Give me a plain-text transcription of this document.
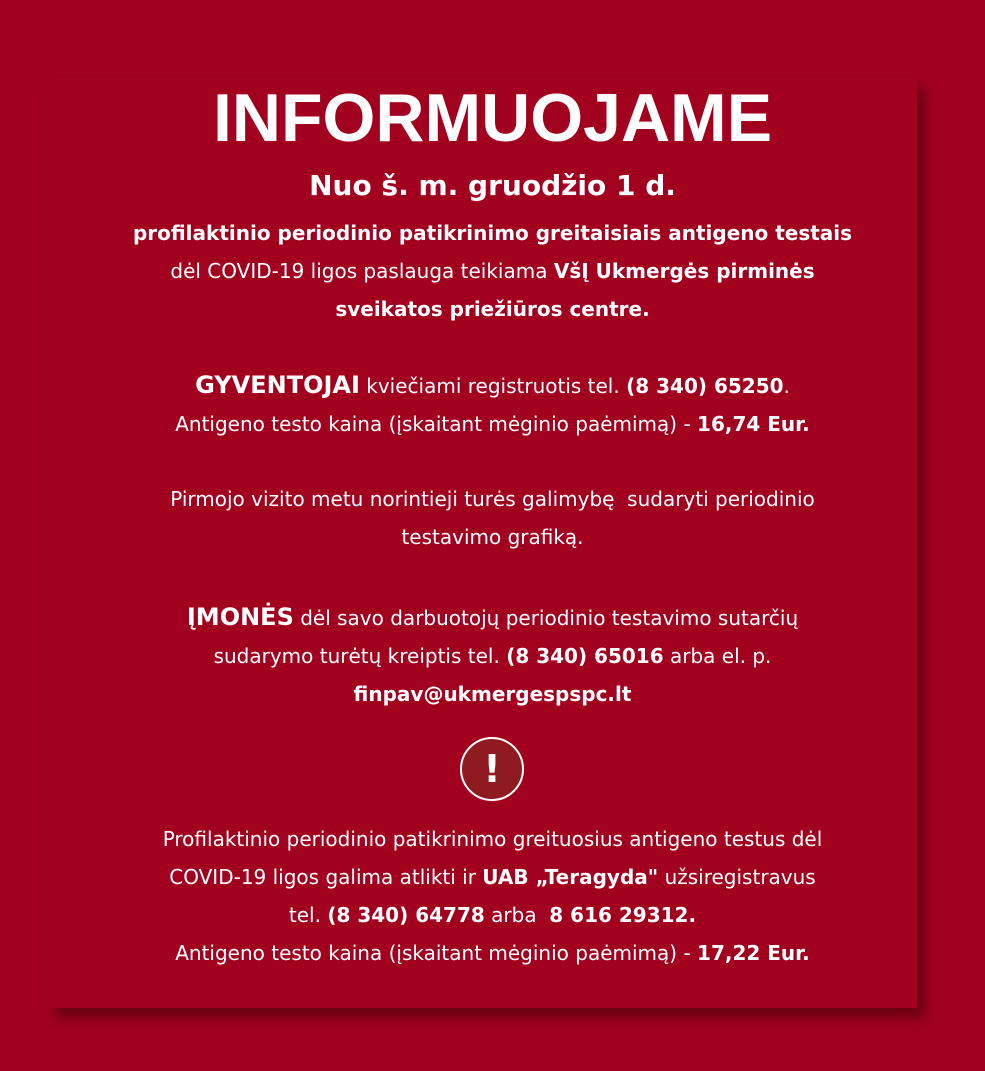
INFORMUOJAME
Nuo š. m. gruodžio 1 d.
profilaktinio periodinio patikrinimo greitaisiais antigeno testais
dėl COVID-19 ligos paslauga teikiama VšĮ Ukmergės pirminės
sveikatos priežiūros centre.
GYVENTOJAI kviečiami registruotis tel. (8 340) 65250.
Antigeno testo kaina (įskaitant mėginio paėmimą) - 16,74 Eur.
Pirmojo vizito metu norintieji turės galimybę  sudaryti periodinio
testavimo grafiką.
ĮMONĖS dėl savo darbuotojų periodinio testavimo sutarčių
sudarymo turėtų kreiptis tel. (8 340) 65016 arba el. p.
finpav@ukmergespspc.lt
!
Profilaktinio periodinio patikrinimo greituosius antigeno testus dėl
COVID-19 ligos galima atlikti ir UAB „Teragyda" užsiregistravus
tel. (8 340) 64778 arba  8 616 29312.
Antigeno testo kaina (įskaitant mėginio paėmimą) - 17,22 Eur.
